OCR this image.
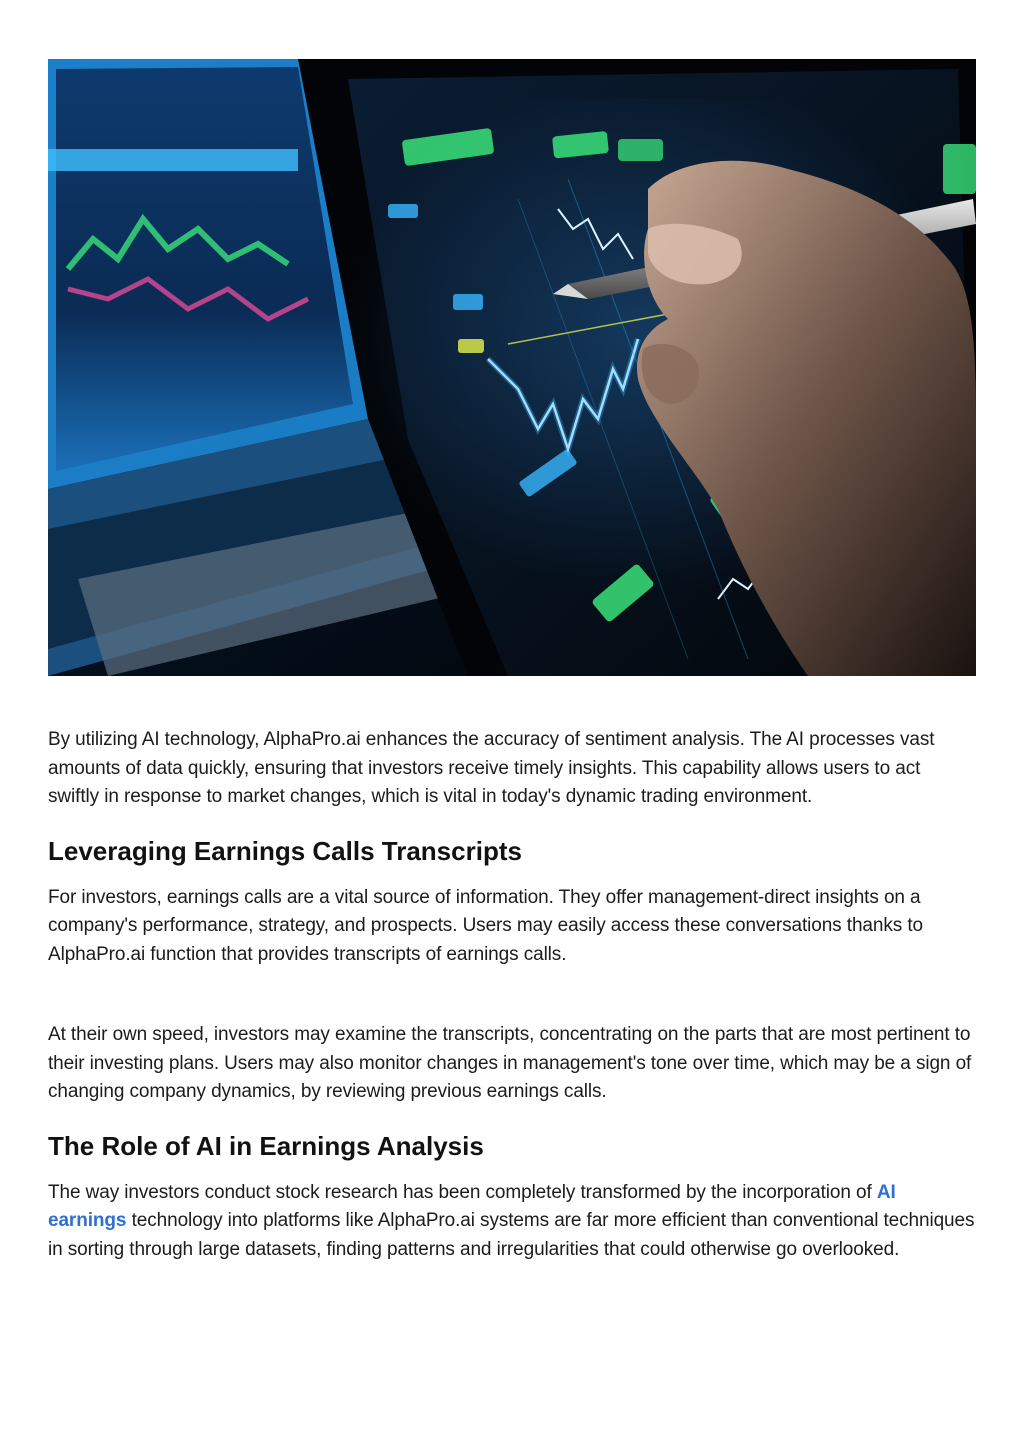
By utilizing AI technology, AlphaPro.ai enhances the accuracy of sentiment analysis. The AI processes vast amounts of data quickly, ensuring that investors receive timely insights. This capability allows users to act swiftly in response to market changes, which is vital in today's dynamic trading environment.

Leveraging Earnings Calls Transcripts

For investors, earnings calls are a vital source of information. They offer management-direct insights on a company's performance, strategy, and prospects. Users may easily access these conversations thanks to AlphaPro.ai function that provides transcripts of earnings calls.

At their own speed, investors may examine the transcripts, concentrating on the parts that are most pertinent to their investing plans. Users may also monitor changes in management's tone over time, which may be a sign of changing company dynamics, by reviewing previous earnings calls.

The Role of AI in Earnings Analysis

The way investors conduct stock research has been completely transformed by the incorporation of AI earnings technology into platforms like AlphaPro.ai systems are far more efficient than conventional techniques in sorting through large datasets, finding patterns and irregularities that could otherwise go overlooked.
